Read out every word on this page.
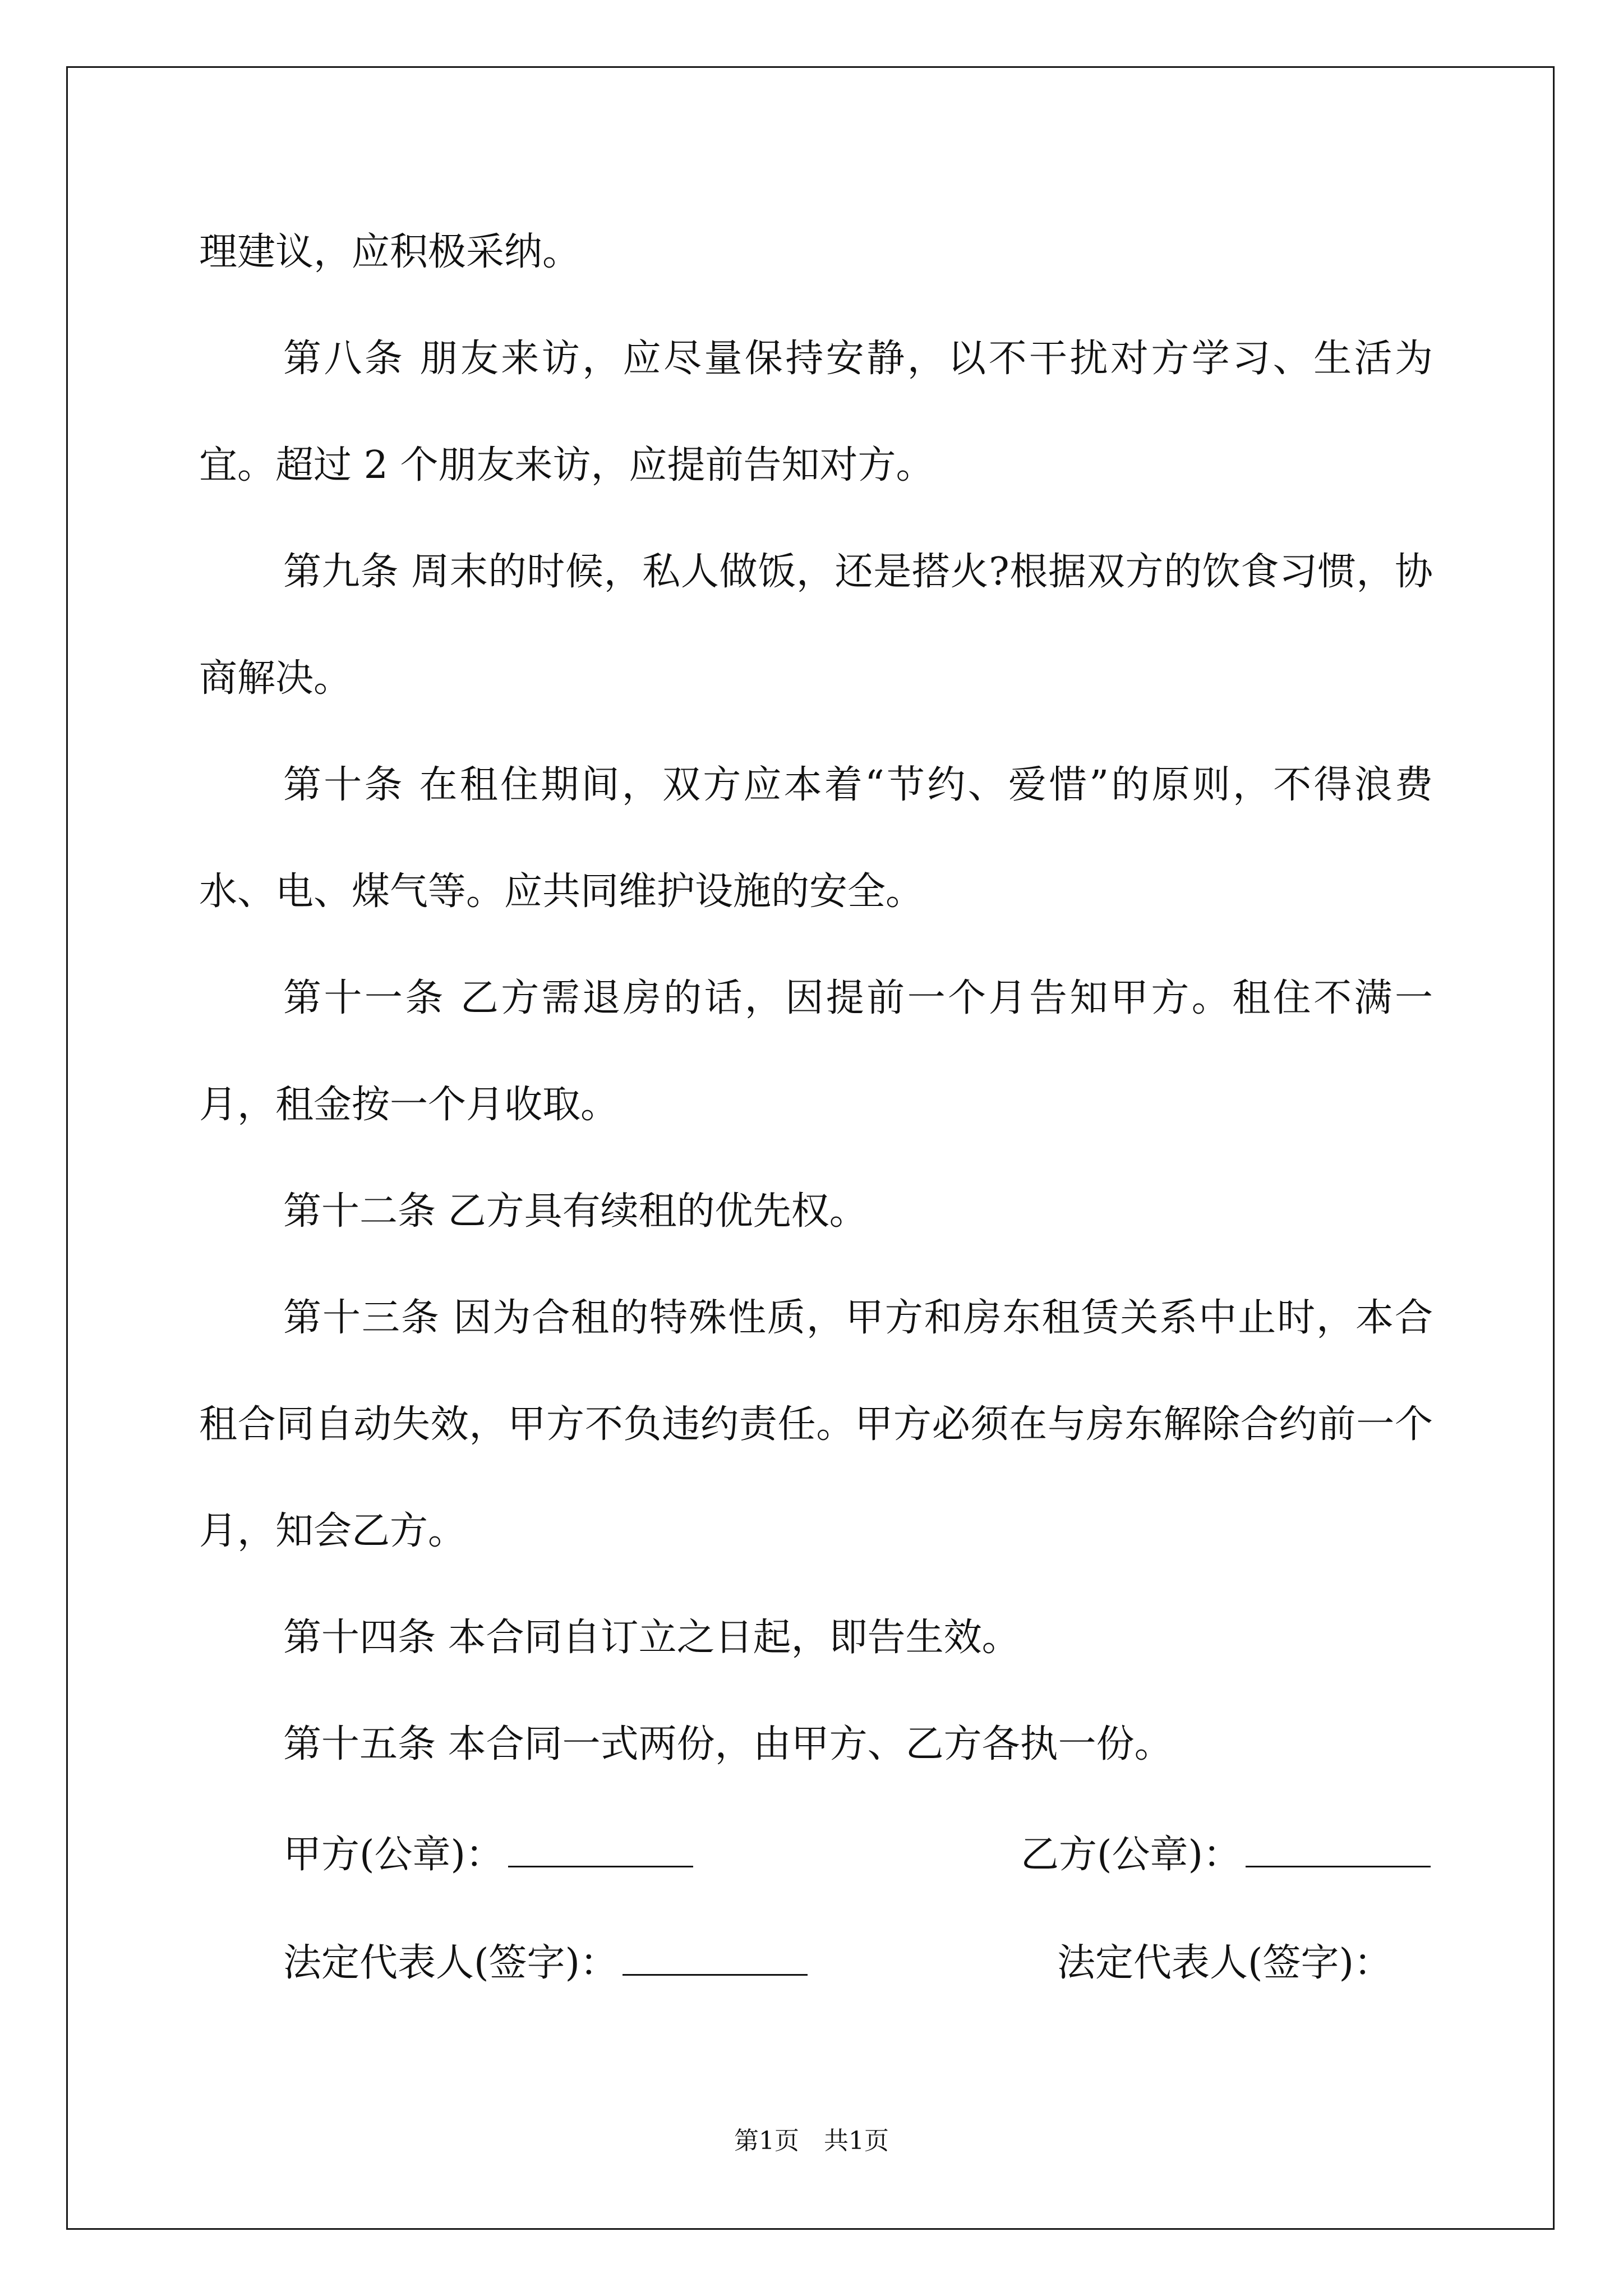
理建议，应积极采纳。
第八条 朋友来访，应尽量保持安静，以不干扰对方学习、生活为宜。超过 2 个朋友来访，应提前告知对方。
第九条 周末的时候，私人做饭，还是搭火?根据双方的饮食习惯，协商解决。
第十条 在租住期间，双方应本着“节约、爱惜”的原则，不得浪费水、电、煤气等。应共同维护设施的安全。
第十一条 乙方需退房的话，因提前一个月告知甲方。租住不满一月，租金按一个月收取。
第十二条 乙方具有续租的优先权。
第十三条 因为合租的特殊性质，甲方和房东租赁关系中止时，本合租合同自动失效，甲方不负违约责任。甲方必须在与房东解除合约前一个月，知会乙方。
第十四条 本合同自订立之日起，即告生效。
第十五条 本合同一式两份，由甲方、乙方各执一份。
甲方(公章)：	乙方(公章)：
法定代表人(签字)：	法定代表人(签字)：
第1页　共1页
